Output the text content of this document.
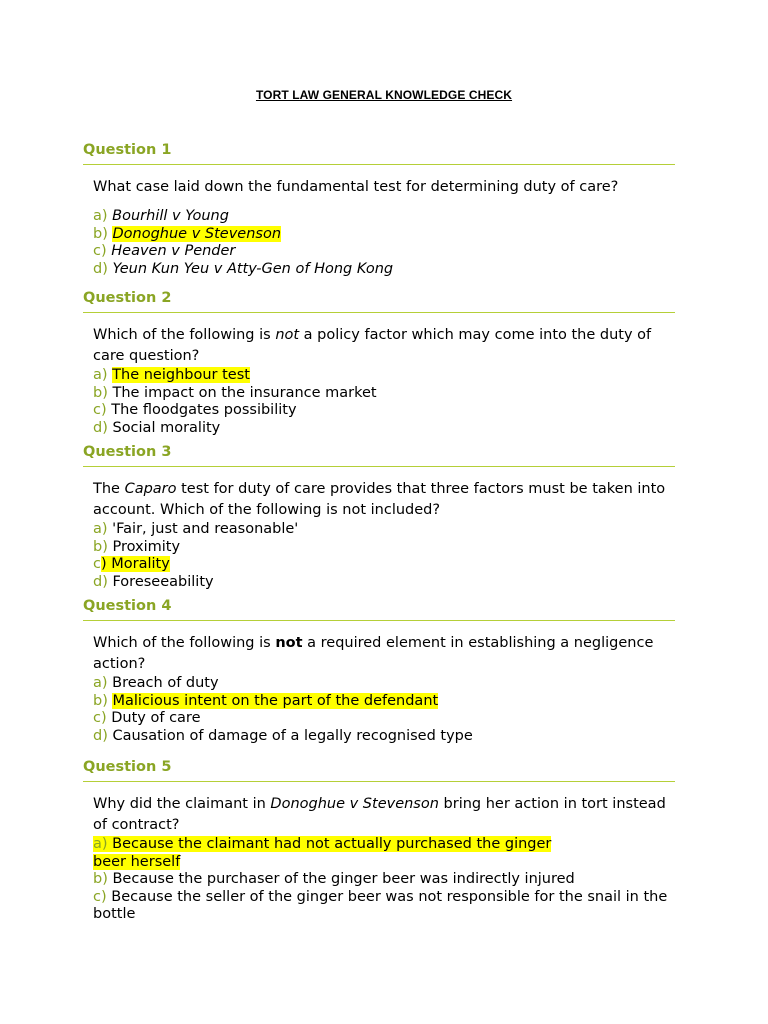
TORT LAW GENERAL KNOWLEDGE CHECK
Question 1

What case laid down the fundamental test for determining duty of care?

a) Bourhill v Young

b) Donoghue v Stevenson

c) Heaven v Pender

d) Yeun Kun Yeu v Atty-Gen of Hong Kong

Question 2

Which of the following is not a policy factor which may come into the duty of care question?

a) The neighbour test

b) The impact on the insurance market

c) The floodgates possibility

d) Social morality

Question 3

The Caparo test for duty of care provides that three factors must be taken into account. Which of the following is not included?

a) 'Fair, just and reasonable'

b) Proximity

c) Morality

d) Foreseeability

Question 4

Which of the following is not a required element in establishing a negligence action?

a) Breach of duty

b) Malicious intent on the part of the defendant

c) Duty of care

d) Causation of damage of a legally recognised type

Question 5

Why did the claimant in Donoghue v Stevenson bring her action in tort instead of contract?

a) Because the claimant had not actually purchased the ginger

beer herself

b) Because the purchaser of the ginger beer was indirectly injured

c) Because the seller of the ginger beer was not responsible for the snail in the

bottle
